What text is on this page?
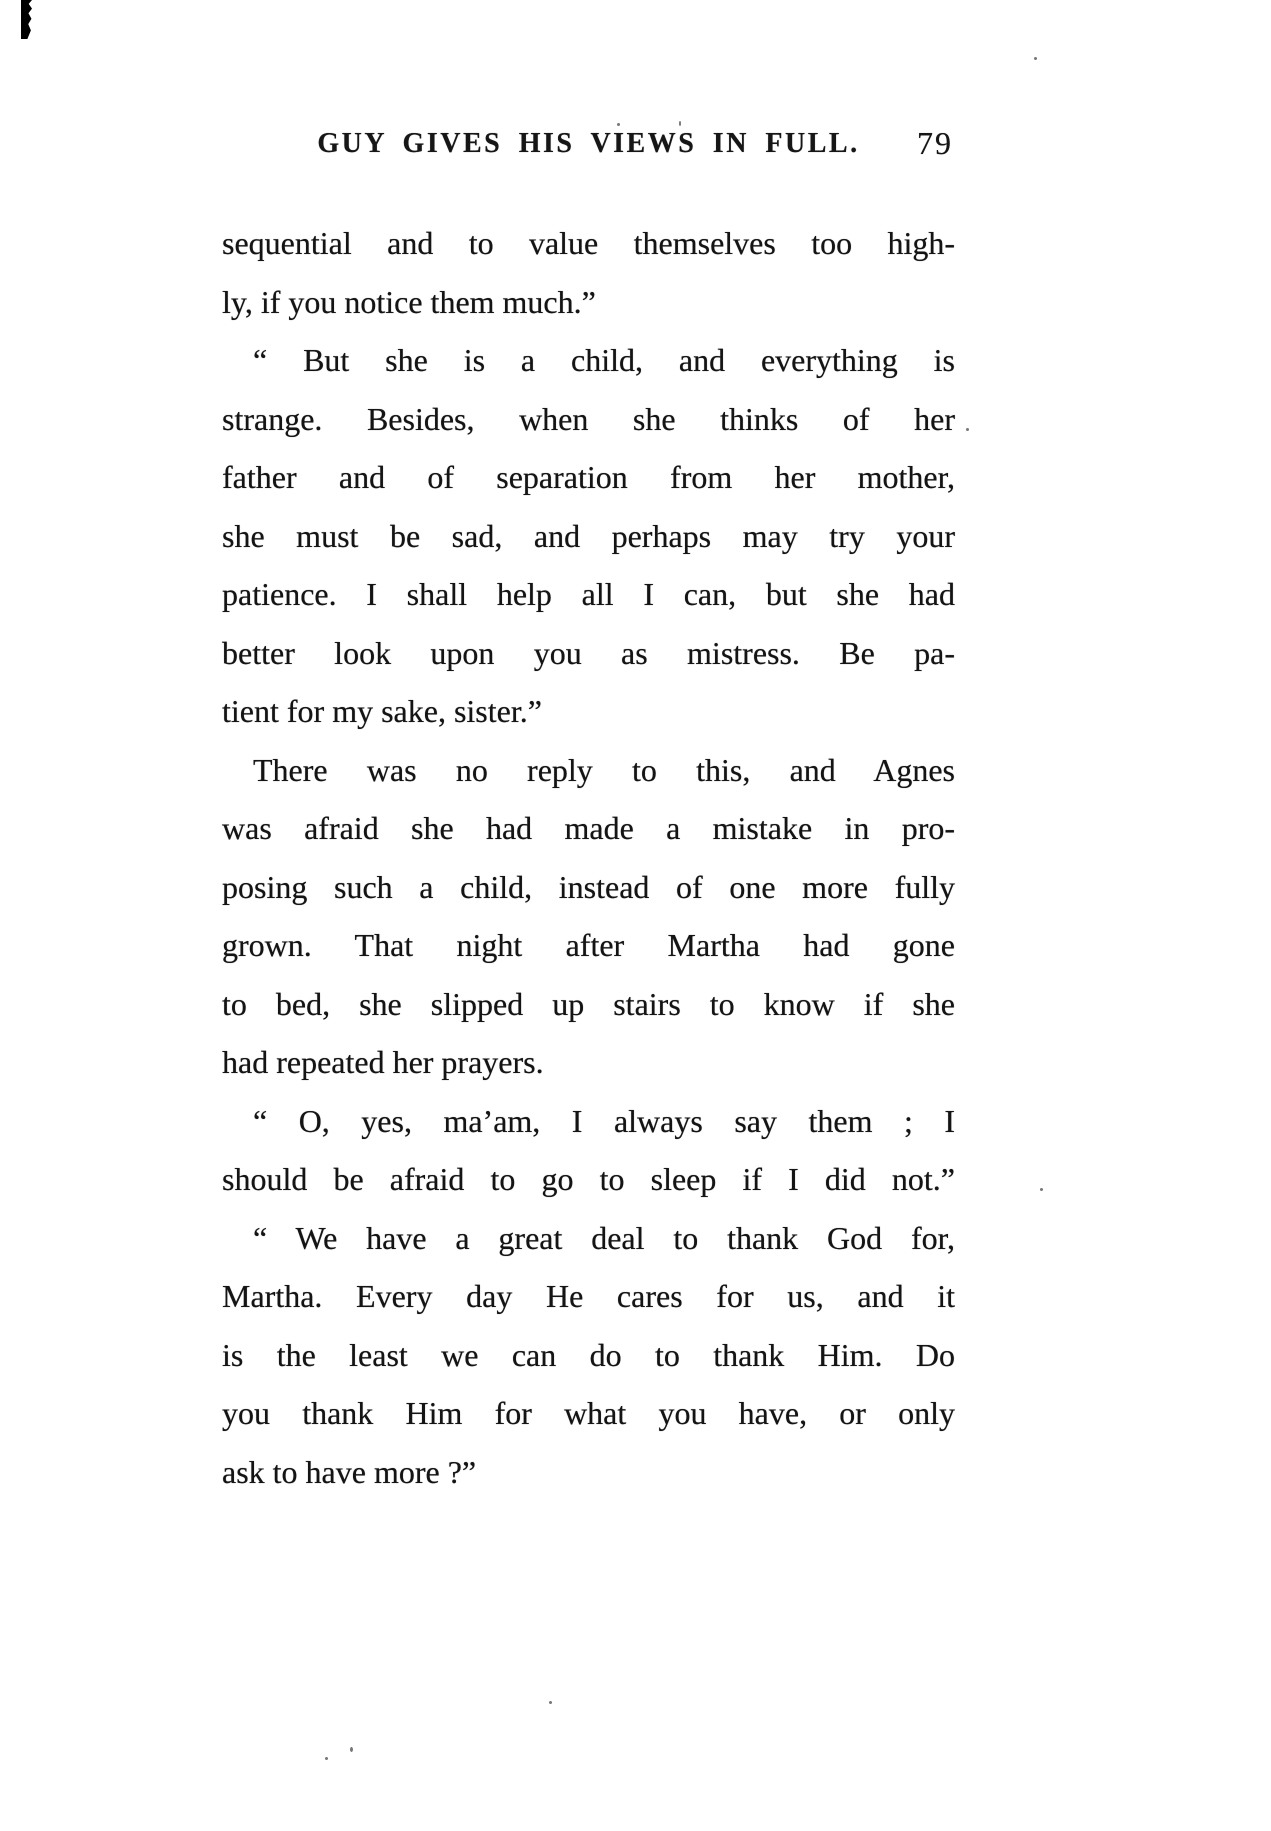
GUY GIVES HIS VIEWS IN FULL. 79
sequential and to value themselves too high-
ly, if you notice them much.”
“ But she is a child, and everything is
strange. Besides, when she thinks of her
father and of separation from her mother,
she must be sad, and perhaps may try your
patience. I shall help all I can, but she had
better look upon you as mistress. Be pa-
tient for my sake, sister.”
There was no reply to this, and Agnes
was afraid she had made a mistake in pro-
posing such a child, instead of one more fully
grown. That night after Martha had gone
to bed, she slipped up stairs to know if she
had repeated her prayers.
“ O, yes, ma’am, I always say them ; I
should be afraid to go to sleep if I did not.”
“ We have a great deal to thank God for,
Martha. Every day He cares for us, and it
is the least we can do to thank Him. Do
you thank Him for what you have, or only
ask to have more ?”
